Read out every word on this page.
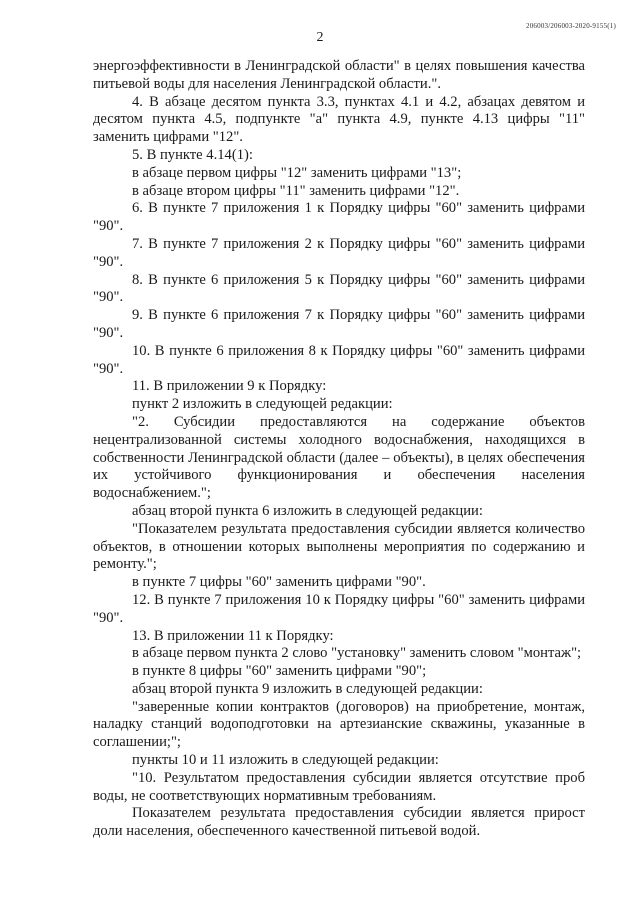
2
206003/206003-2020-9155(1)

энергоэффективности в Ленинградской области" в целях повышения качества питьевой воды для населения Ленинградской области.".

4. В абзаце десятом пункта 3.3, пунктах 4.1 и 4.2, абзацах девятом и десятом пункта 4.5, подпункте "а" пункта 4.9, пункте 4.13 цифры "11" заменить цифрами "12".

5. В пункте 4.14(1):

в абзаце первом цифры "12" заменить цифрами "13";

в абзаце втором цифры "11" заменить цифрами "12".

6. В пункте 7 приложения 1 к Порядку цифры "60" заменить цифрами "90".

7. В пункте 7 приложения 2 к Порядку цифры "60" заменить цифрами "90".

8. В пункте 6 приложения 5 к Порядку цифры "60" заменить цифрами "90".

9. В пункте 6 приложения 7 к Порядку цифры "60" заменить цифрами "90".

10. В пункте 6 приложения 8 к Порядку цифры "60" заменить цифрами "90".

11. В приложении 9 к Порядку:

пункт 2 изложить в следующей редакции:

"2. Субсидии предоставляются на содержание объектов нецентрализованной системы холодного водоснабжения, находящихся в собственности Ленинградской области (далее – объекты), в целях обеспечения их устойчивого функционирования и обеспечения населения водоснабжением.";

абзац второй пункта 6 изложить в следующей редакции:

"Показателем результата предоставления субсидии является количество объектов, в отношении которых выполнены мероприятия по содержанию и ремонту.";

в пункте 7 цифры "60" заменить цифрами "90".

12. В пункте 7 приложения 10 к Порядку цифры "60" заменить цифрами "90".

13. В приложении 11 к Порядку:

в абзаце первом пункта 2 слово "установку" заменить словом "монтаж";

в пункте 8 цифры "60" заменить цифрами "90";

абзац второй пункта 9 изложить в следующей редакции:

"заверенные копии контрактов (договоров) на приобретение, монтаж, наладку станций водоподготовки на артезианские скважины, указанные в соглашении;";

пункты 10 и 11 изложить в следующей редакции:

"10. Результатом предоставления субсидии является отсутствие проб воды, не соответствующих нормативным требованиям.

Показателем результата предоставления субсидии является прирост доли населения, обеспеченного качественной питьевой водой.
